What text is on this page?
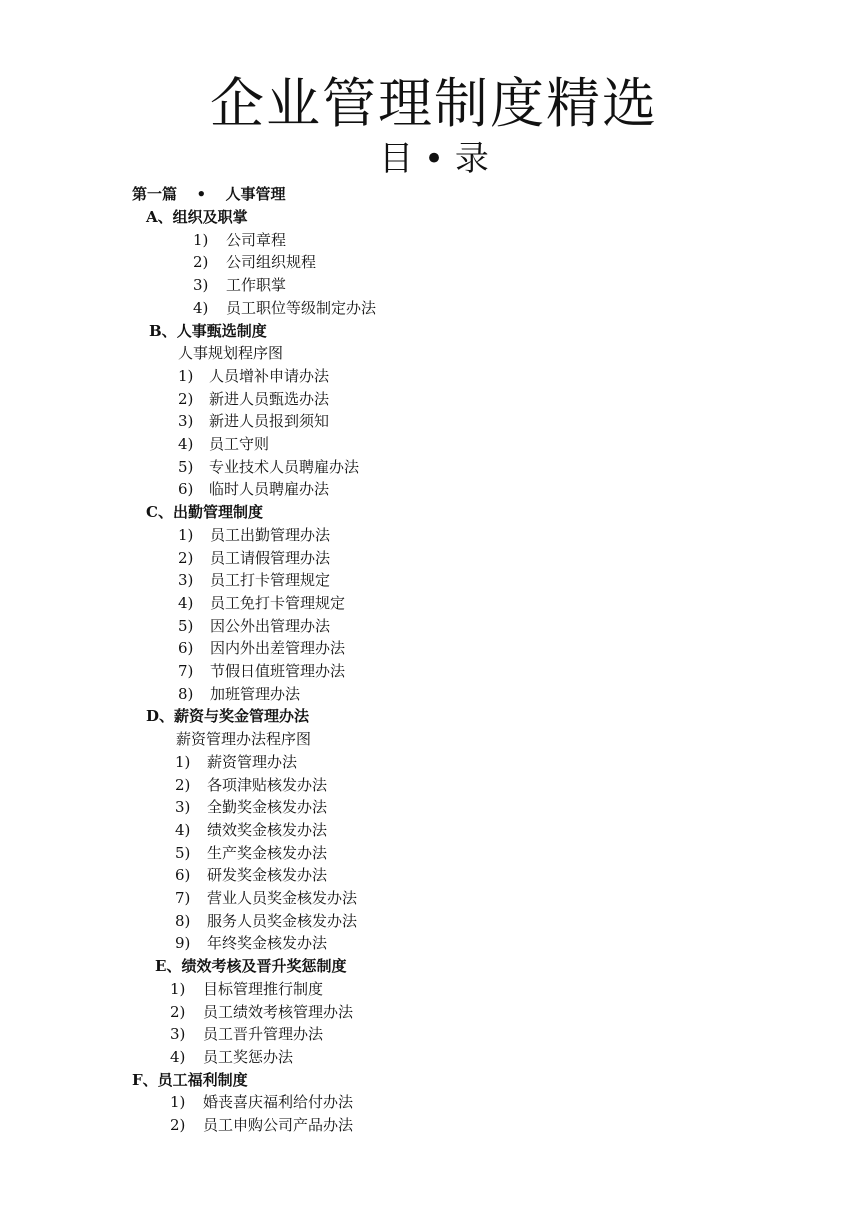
企业管理制度精选
目 • 录
第一篇 • 人事管理
A、组织及职掌
1) 公司章程
2) 公司组织规程
3) 工作职掌
4) 员工职位等级制定办法
B、人事甄选制度
人事规划程序图
1) 人员增补申请办法
2) 新进人员甄选办法
3) 新进人员报到须知
4) 员工守则
5) 专业技术人员聘雇办法
6) 临时人员聘雇办法
C、出勤管理制度
1) 员工出勤管理办法
2) 员工请假管理办法
3) 员工打卡管理规定
4) 员工免打卡管理规定
5) 因公外出管理办法
6) 因内外出差管理办法
7) 节假日值班管理办法
8) 加班管理办法
D、薪资与奖金管理办法
薪资管理办法程序图
1) 薪资管理办法
2) 各项津贴核发办法
3) 全勤奖金核发办法
4) 绩效奖金核发办法
5) 生产奖金核发办法
6) 研发奖金核发办法
7) 营业人员奖金核发办法
8) 服务人员奖金核发办法
9) 年终奖金核发办法
E、绩效考核及晋升奖惩制度
1) 目标管理推行制度
2) 员工绩效考核管理办法
3) 员工晋升管理办法
4) 员工奖惩办法
F、员工福利制度
1) 婚丧喜庆福利给付办法
2) 员工申购公司产品办法
